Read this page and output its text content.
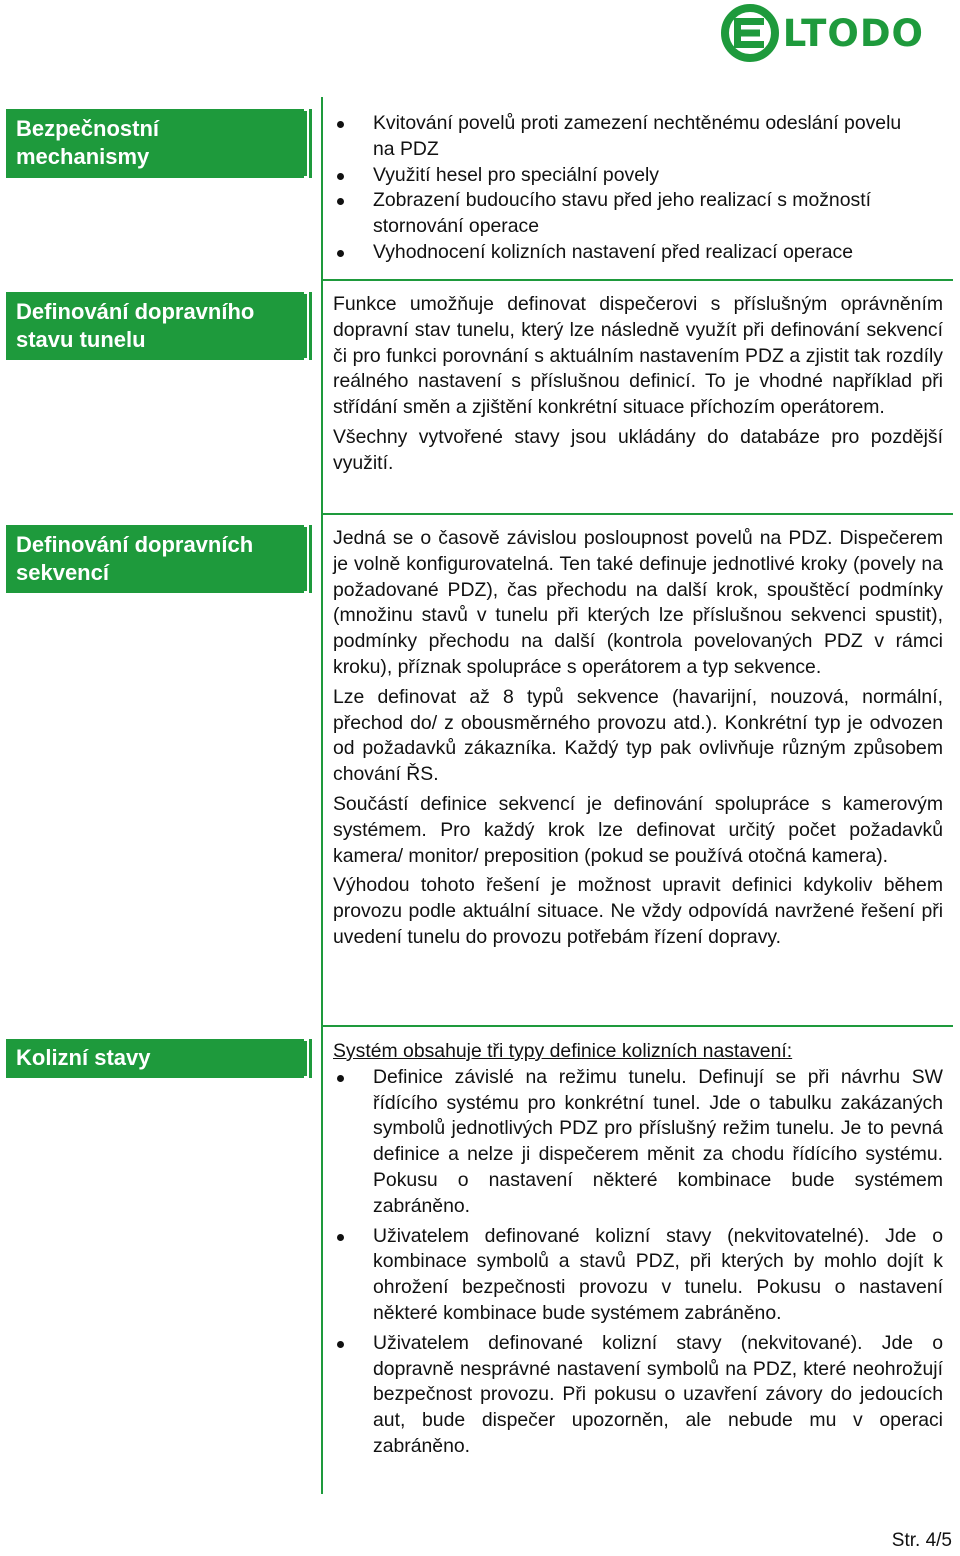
LTODO
Bezpečnostní mechanismy
Kvitování povelů proti zamezení nechtěnému odeslání povelu na PDZ
Využití hesel pro speciální povely
Zobrazení budoucího stavu před jeho realizací s možností stornování operace
Vyhodnocení kolizních nastavení před realizací operace
Definování dopravního stavu tunelu

Funkce umožňuje definovat dispečerovi s příslušným oprávněním dopravní stav tunelu, který lze následně využít při definování sekvencí či pro funkci porovnání s aktuálním nastavením PDZ a zjistit tak rozdíly reálného nastavení s příslušnou definicí. To je vhodné například při střídání směn a zjištění konkrétní situace příchozím operátorem.

Všechny vytvořené stavy jsou ukládány do databáze pro pozdější využití.

Definování dopravních sekvencí

Jedná se o časově závislou posloupnost povelů na PDZ. Dispečerem je volně konfigurovatelná. Ten také definuje jednotlivé kroky (povely na požadované PDZ), čas přechodu na další krok, spouštěcí podmínky (množinu stavů v tunelu při kterých lze příslušnou sekvenci spustit), podmínky přechodu na další (kontrola povelovaných PDZ v rámci kroku), příznak spolupráce s operátorem a typ sekvence.

Lze definovat až 8 typů sekvence (havarijní, nouzová, normální, přechod do/ z obousměrného provozu atd.). Konkrétní typ je odvozen od požadavků zákazníka. Každý typ pak ovlivňuje různým způsobem chování ŘS.

Součástí definice sekvencí je definování spolupráce s kamerovým systémem. Pro každý krok lze definovat určitý počet požadavků kamera/ monitor/ preposition (pokud se používá otočná kamera).

Výhodou tohoto řešení je možnost upravit definici kdykoliv během provozu podle aktuální situace. Ne vždy odpovídá navržené řešení při uvedení tunelu do provozu potřebám řízení dopravy.

Kolizní stavy	Systém obsahuje tři typy definice kolizních nastavení:

Definice závislé na režimu tunelu. Definují se při návrhu SW řídícího systému pro konkrétní tunel. Jde o tabulku zakázaných symbolů jednotlivých PDZ pro příslušný režim tunelu. Je to pevná definice a nelze ji dispečerem měnit za chodu řídícího systému. Pokusu o nastavení některé kombinace bude systémem zabráněno.
Uživatelem definované kolizní stavy (nekvitovatelné). Jde o kombinace symbolů a stavů PDZ, při kterých by mohlo dojít k ohrožení bezpečnosti provozu v tunelu. Pokusu o nastavení některé kombinace bude systémem zabráněno.
Uživatelem definované kolizní stavy (nekvitované). Jde o dopravně nesprávné nastavení symbolů na PDZ, které neohrožují bezpečnost provozu. Při pokusu o uzavření závory do jedoucích aut, bude dispečer upozorněn, ale nebude mu v operaci zabráněno.
Str. 4/5
